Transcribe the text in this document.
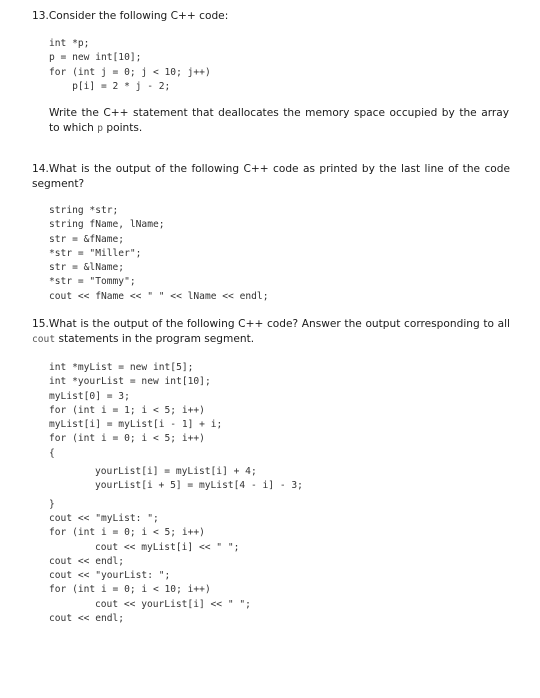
13.Consider the following C++ code:
int *p;
p = new int[10];
for (int j = 0; j < 10; j++)
p[i] = 2 * j - 2;
Write the C++ statement that deallocates the memory space occupied by the array to which p points.
14.What is the output of the following C++ code as printed by the last line of the code segment?
string *str;
string fName, lName;
str = &fName;
*str = "Miller";
str = &lName;
*str = "Tommy";
cout << fName << " " << lName << endl;
15.What is the output of the following C++ code? Answer the output corresponding to all cout statements in the program segment.
int *myList = new int[5];
int *yourList = new int[10];
myList[0] = 3;
for (int i = 1; i < 5; i++)
myList[i] = myList[i - 1] + i;
for (int i = 0; i < 5; i++)
{
yourList[i] = myList[i] + 4;
yourList[i + 5] = myList[4 - i] - 3;
}
cout << "myList: ";
for (int i = 0; i < 5; i++)
cout << myList[i] << " ";
cout << endl;
cout << "yourList: ";
for (int i = 0; i < 10; i++)
cout << yourList[i] << " ";
cout << endl;
